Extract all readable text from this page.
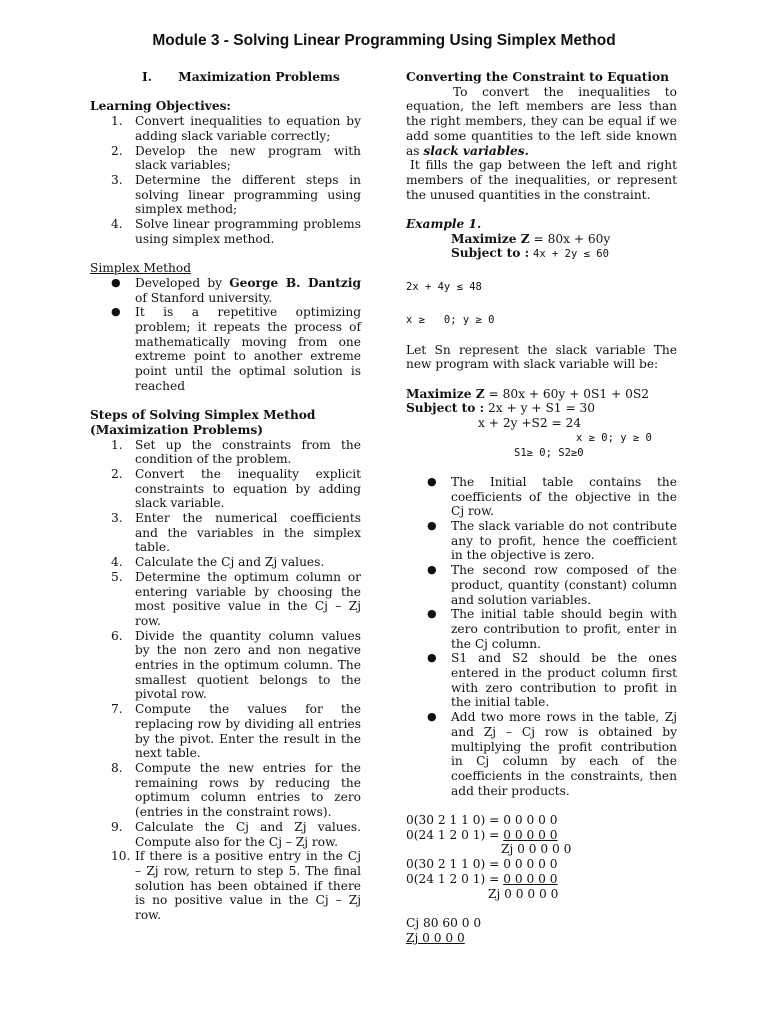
Module 3 - Solving Linear Programming Using Simplex Method
I. Maximization Problems
Learning Objectives:
1. Convert inequalities to equation by adding slack variable correctly;
2. Develop the new program with slack variables;
3. Determine the different steps in solving linear programming using simplex method;
4. Solve linear programming problems using simplex method.
Simplex Method
● Developed by George B. Dantzig of Stanford university.
● It is a repetitive optimizing problem; it repeats the process of mathematically moving from one extreme point to another extreme point until the optimal solution is reached
Steps of Solving Simplex Method
(Maximization Problems)
1. Set up the constraints from the condition of the problem.
2. Convert the inequality explicit constraints to equation by adding slack variable.
3. Enter the numerical coefficients and the variables in the simplex table.
4. Calculate the Cj and Zj values.
5. Determine the optimum column or entering variable by choosing the most positive value in the Cj – Zj row.
6. Divide the quantity column values by the non zero and non negative entries in the optimum column. The smallest quotient belongs to the pivotal row.
7. Compute the values for the replacing row by dividing all entries by the pivot. Enter the result in the next table.
8. Compute the new entries for the remaining rows by reducing the optimum column entries to zero (entries in the constraint rows).
9. Calculate the Cj and Zj values. Compute also for the Cj – Zj row.
10. If there is a positive entry in the Cj – Zj row, return to step 5. The final solution has been obtained if there is no positive value in the Cj – Zj row.
Converting the Constraint to Equation

To convert the inequalities to equation, the left members are less than the right members, they can be equal if we add some quantities to the left side known as slack variables.

It fills the gap between the left and right members of the inequalities, or represent the unused quantities in the constraint.

Example 1.
Maximize Z = 80x + 60y
Subject to : 4x + 2y ≤ 60
2x + 4y ≤ 48
x ≥   0; y ≥ 0

Let Sn represent the slack variable The new program with slack variable will be:

Maximize Z = 80x + 60y + 0S1 + 0S2
Subject to : 2x + y + S1 = 30
x + 2y +S2 = 24
x ≥ 0; y ≥ 0
S1≥ 0; S2≥0
● The Initial table contains the coefficients of the objective in the Cj row.
● The slack variable do not contribute any to profit, hence the coefficient in the objective is zero.
● The second row composed of the product, quantity (constant) column and solution variables.
● The initial table should begin with zero contribution to profit, enter in the Cj column.
● S1 and S2 should be the ones entered in the product column first with zero contribution to profit in the initial table.
● Add two more rows in the table, Zj and Zj – Cj row is obtained by multiplying the profit contribution in Cj column by each of the coefficients in the constraints, then add their products.
0(30 2 1 1 0) = 0 0 0 0 0
0(24 1 2 0 1) = 0 0 0 0 0
Zj 0 0 0 0 0
0(30 2 1 1 0) = 0 0 0 0 0
0(24 1 2 0 1) = 0 0 0 0 0
Zj 0 0 0 0 0
Cj 80 60 0 0
Zj 0 0 0 0
